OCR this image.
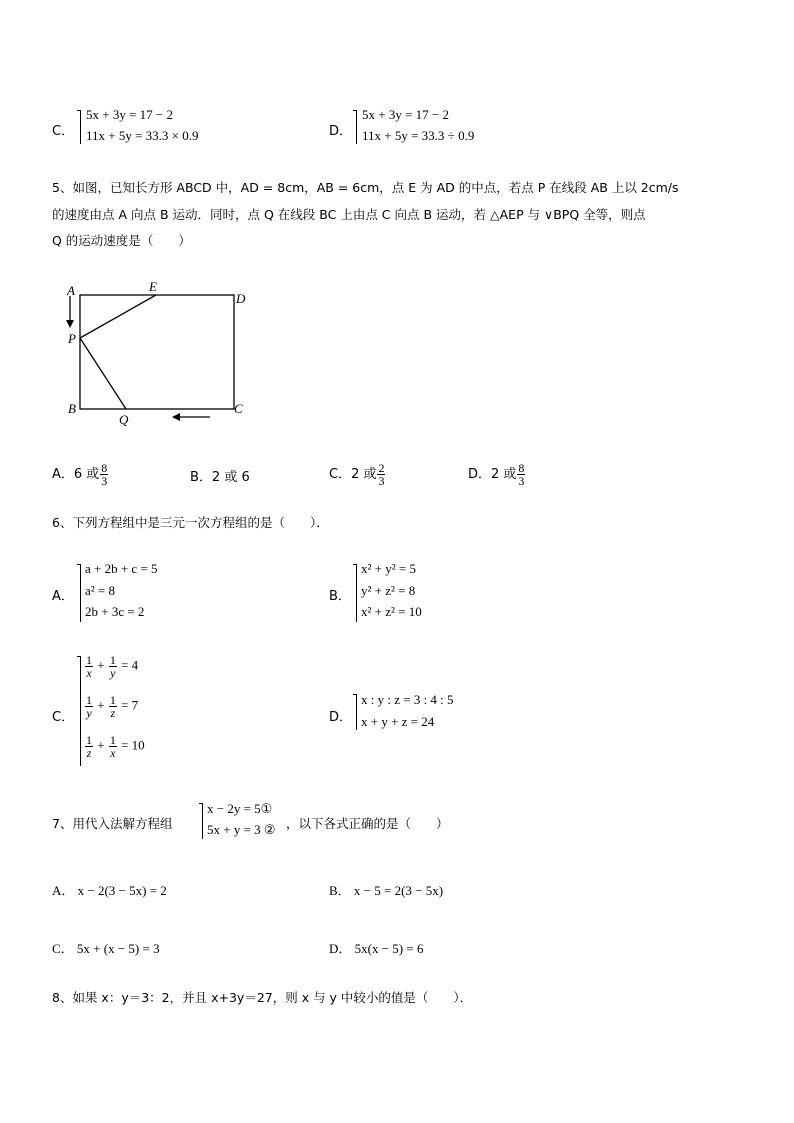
C．
5x + 3y = 17 − 2
11x + 5y = 33.3 × 0.9	D．
5x + 3y = 17 − 2
11x + 5y = 33.3 ÷ 0.9
5、如图，已知长方形 ABCD 中，AD = 8cm，AB = 6cm，点 E 为 AD 的中点，若点 P 在线段 AB 上以 2cm/s
的速度由点 A 向点 B 运动．同时，点 Q 在线段 BC 上由点 C 向点 B 运动，若 △AEP 与 ∨BPQ 全等，则点
Q 的运动速度是（　　）
A	E
D
P
B
Q
C
A．6 或 $\frac{8}{3}$	B．2 或 6	C．2 或 $\frac{2}{3}$	D．2 或 $\frac{8}{3}$
6、下列方程组中是三元一次方程组的是（　　）．
A．
a + 2b + c = 5
a² = 8
2b + 3c = 2
B．
x² + y² = 5
y² + z² = 8
x² + z² = 10
C．
$\frac{1}{x} + \frac{1}{y} = 4$
$\frac{1}{y} + \frac{1}{z} = 7$
$\frac{1}{z} + \frac{1}{x} = 10$
D．
x : y : z = 3 : 4 : 5
x + y + z = 24
7、用代入法解方程组
x − 2y = 5①
5x + y = 3 ② ，以下各式正确的是（　　）
A． x − 2(3 − 5x) = 2	B． x − 5 = 2(3 − 5x)
C． 5x + (x − 5) = 3	D． 5x(x − 5) = 6
8、如果 x：y＝3：2，并且 x+3y＝27，则 x 与 y 中较小的值是（　　）．
